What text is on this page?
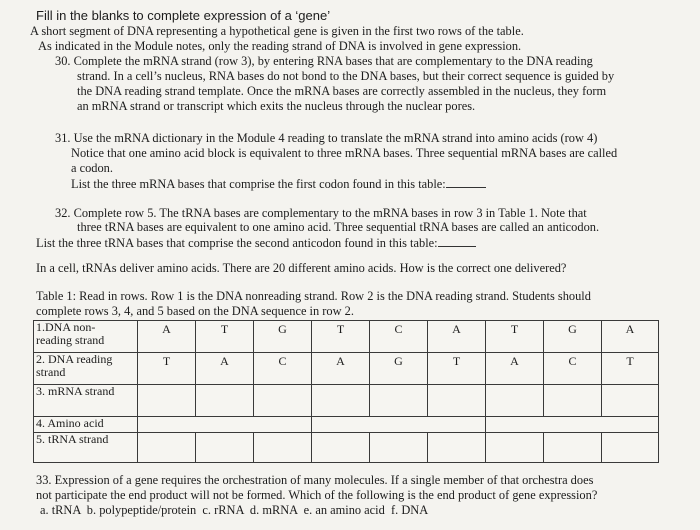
Fill in the blanks to complete expression of a ‘gene’
A short segment of DNA representing a hypothetical gene is given in the first two rows of the table.
As indicated in the Module notes, only the reading strand of DNA is involved in gene expression.
30. Complete the mRNA strand (row 3), by entering RNA bases that are complementary to the DNA reading
strand. In a cell’s nucleus, RNA bases do not bond to the DNA bases, but their correct sequence is guided by
the DNA reading strand template. Once the mRNA bases are correctly assembled in the nucleus, they form
an mRNA strand or transcript which exits the nucleus through the nuclear pores.
31. Use the mRNA dictionary in the Module 4 reading to translate the mRNA strand into amino acids (row 4)
Notice that one amino acid block is equivalent to three mRNA bases. Three sequential mRNA bases are called
a codon.
List the three mRNA bases that comprise the first codon found in this table:
32. Complete row 5. The tRNA bases are complementary to the mRNA bases in row 3 in Table 1. Note that
three tRNA bases are equivalent to one amino acid. Three sequential tRNA bases are called an anticodon.
List the three tRNA bases that comprise the second anticodon found in this table:
In a cell, tRNAs deliver amino acids. There are 20 different amino acids. How is the correct one delivered?
Table 1: Read in rows. Row 1 is the DNA nonreading strand. Row 2 is the DNA reading strand. Students should
complete rows 3, 4, and 5 based on the DNA sequence in row 2.
1.DNA non-
reading strand	A	T	G	T	C	A	T	G	A

2. DNA reading
strand	T	A	C	A	G	T	A	C	T
3. mRNA strand									
4. Amino acid									
5. tRNA strand									
33. Expression of a gene requires the orchestration of many molecules. If a single member of that orchestra does
not participate the end product will not be formed. Which of the following is the end product of gene expression?
a. tRNA  b. polypeptide/protein  c. rRNA  d. mRNA  e. an amino acid  f. DNA
